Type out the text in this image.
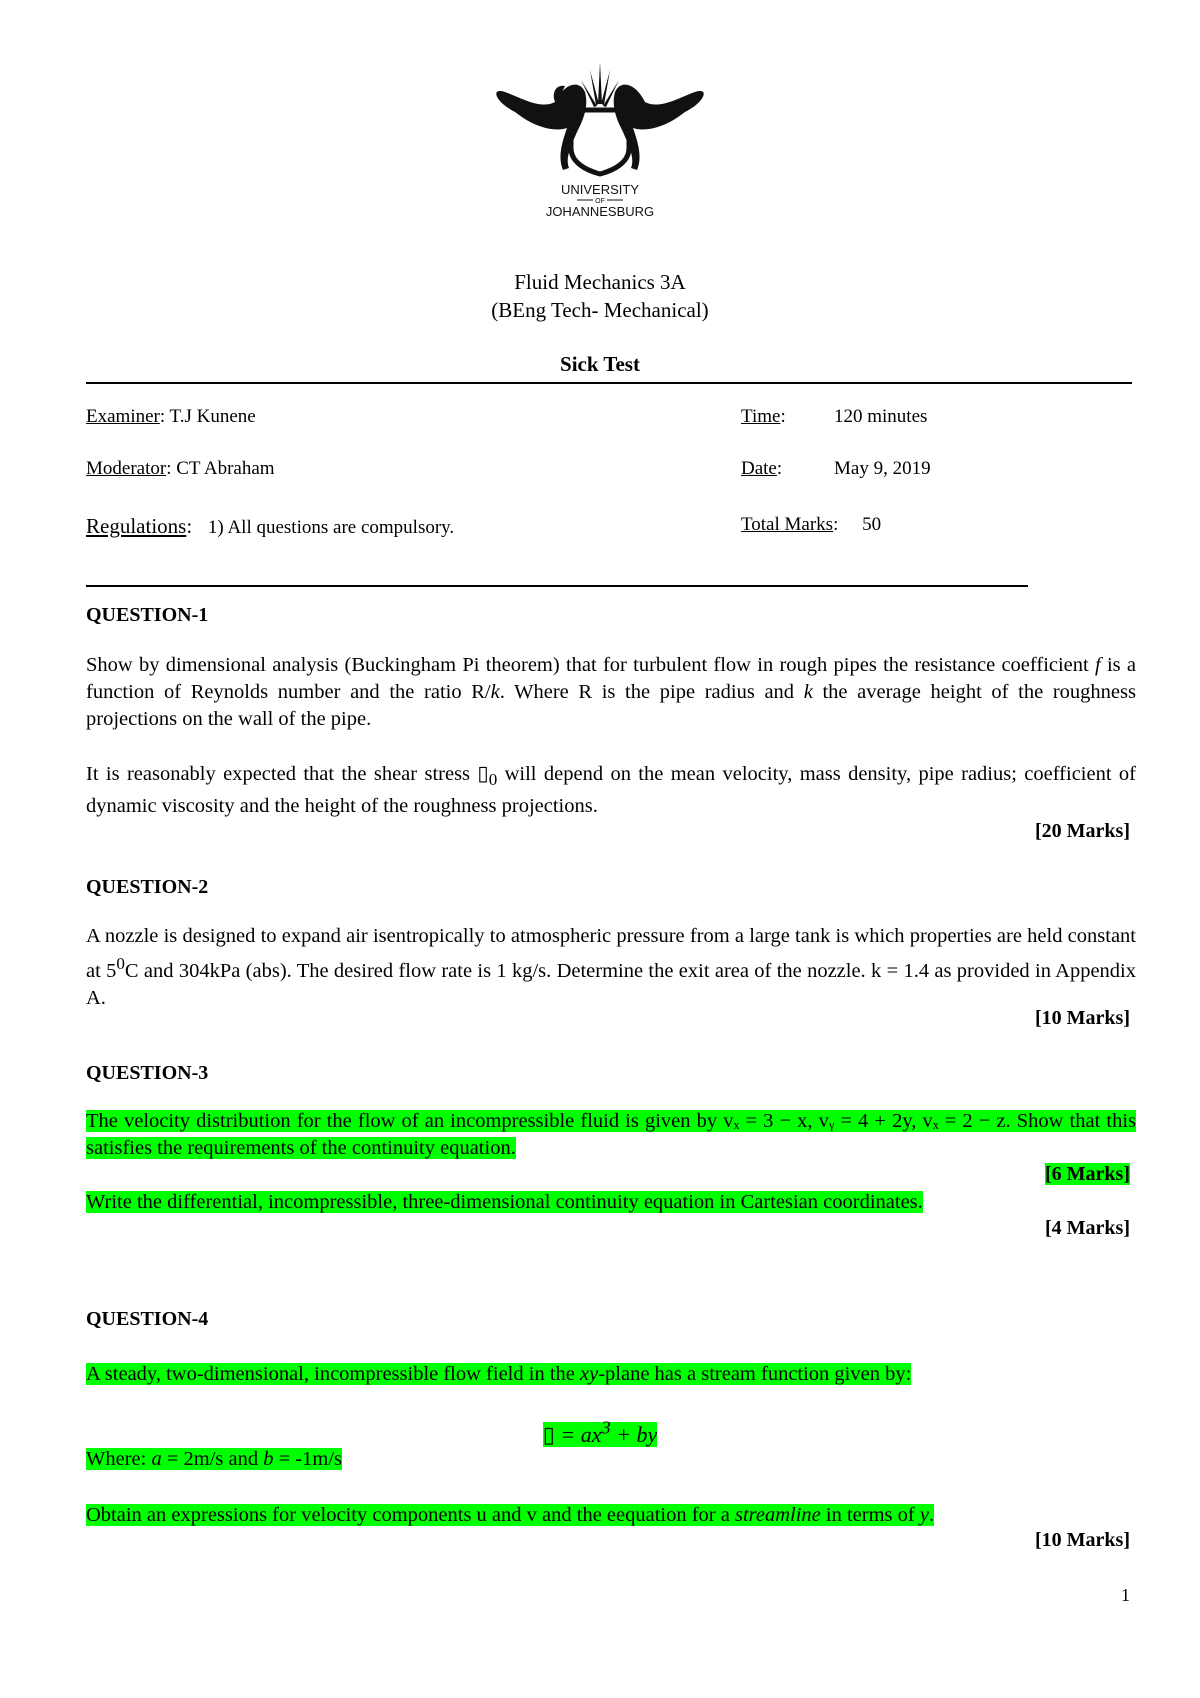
UNIVERSITY
OF
JOHANNESBURG
Fluid Mechanics 3A
(BEng Tech- Mechanical)
Sick Test
Examiner: T.J Kunene	Time:	120 minutes
Moderator: CT Abraham	Date:	May 9, 2019
Regulations:   1) All questions are compulsory.	Total Marks:     50
QUESTION-1
Show by dimensional analysis (Buckingham Pi theorem) that for turbulent flow in rough pipes the resistance coefficient f is a function of Reynolds number and the ratio R/k. Where R is the pipe radius and k the average height of the roughness projections on the wall of the pipe.
It is reasonably expected that the shear stress $▯_0$ will depend on the mean velocity, mass density, pipe radius; coefficient of dynamic viscosity and the height of the roughness projections.
[20 Marks]
QUESTION-2
A nozzle is designed to expand air isentropically to atmospheric pressure from a large tank is which properties are held constant at $5^0C$ and 304kPa (abs). The desired flow rate is 1 kg/s. Determine the exit area of the nozzle. k = 1.4 as provided in Appendix A.
[10 Marks]
QUESTION-3
The velocity distribution for the flow of an incompressible fluid is given by vₓ = 3 − x, vᵧ = 4 + 2y, vₓ = 2 − z. Show that this satisfies the requirements of the continuity equation.
[6 Marks]
Write the differential, incompressible, three-dimensional continuity equation in Cartesian coordinates.
[4 Marks]
QUESTION-4
A steady, two-dimensional, incompressible flow field in the xy-plane has a stream function given by:
▯ = $ax^3$ + by
Where: a = 2m/s and b = -1m/s
Obtain an expressions for velocity components u and v and the eequation for a streamline in terms of y.
[10 Marks]
1
